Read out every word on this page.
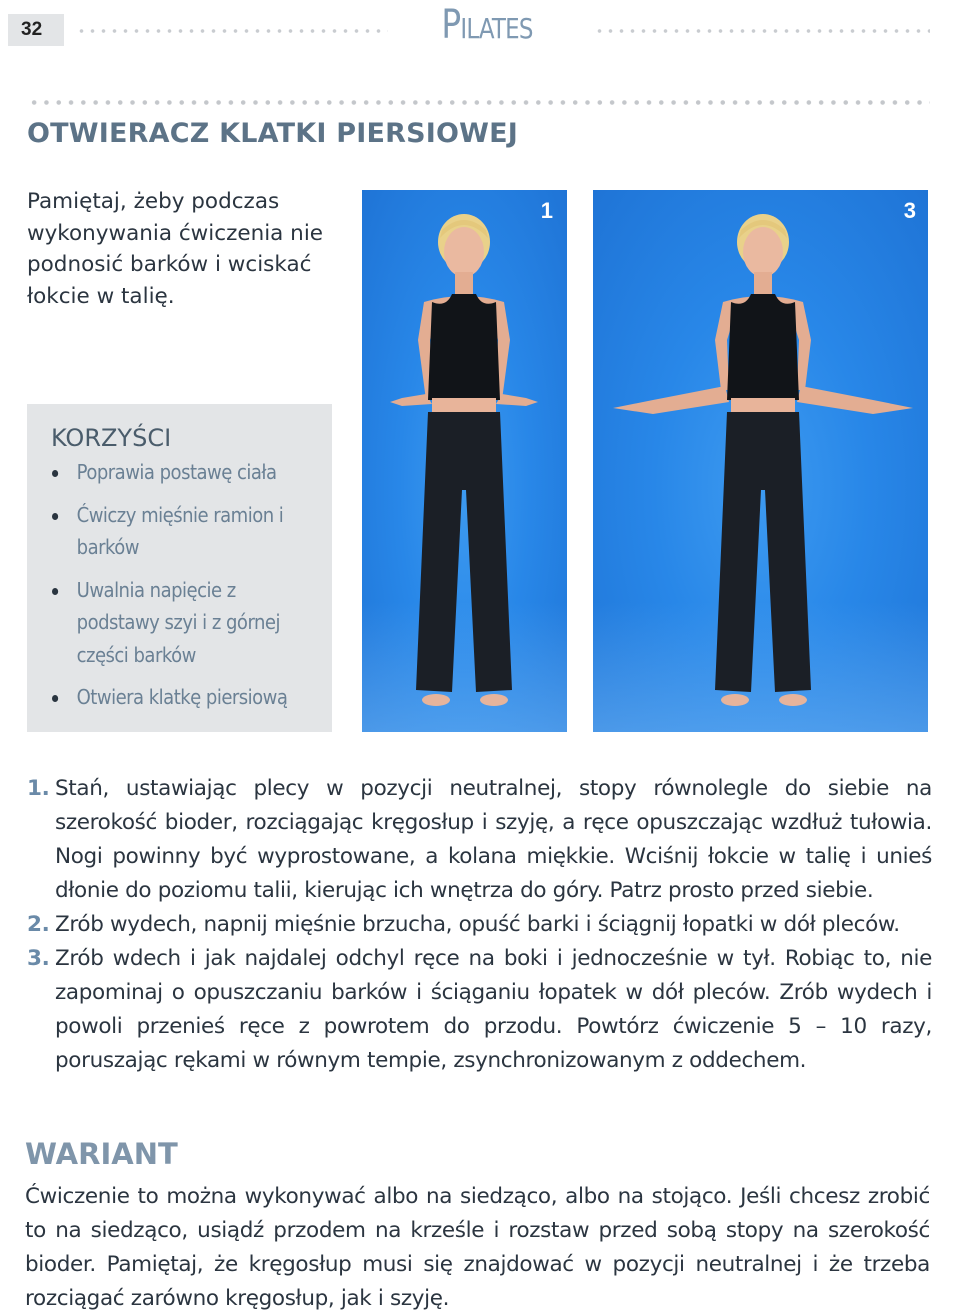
32	Pilates
OTWIERACZ KLATKI PIERSIOWEJ

Pamiętaj, żeby podczas wykonywania ćwiczenia nie podnosić barków i wciskać łokcie w talię.

KORZYŚCI
Poprawia postawę ciała
Ćwiczy mięśnie ramion i barków
Uwalnia napięcie z podstawy szyi i z górnej części barków
Otwiera klatkę piersiową
1	3

1. Stań, ustawiając plecy w pozycji neutralnej, stopy równolegle do siebie na szerokość bioder, rozciągając kręgosłup i szyję, a ręce opuszczając wzdłuż tułowia. Nogi powinny być wyprostowane, a kolana miękkie. Wciśnij łokcie w talię i unieś dłonie do poziomu talii, kierując ich wnętrza do góry. Patrz prosto przed siebie.

2. Zrób wydech, napnij mięśnie brzucha, opuść barki i ściągnij łopatki w dół pleców.

3. Zrób wdech i jak najdalej odchyl ręce na boki i jednocześnie w tył. Robiąc to, nie zapominaj o opuszczaniu barków i ściąganiu łopatek w dół pleców. Zrób wydech i powoli przenieś ręce z powrotem do przodu. Powtórz ćwiczenie 5 – 10 razy, poruszając rękami w równym tempie, zsynchronizowanym z oddechem.

WARIANT

Ćwiczenie to można wykonywać albo na siedząco, albo na stojąco. Jeśli chcesz zrobić to na siedząco, usiądź przodem na krześle i rozstaw przed sobą stopy na szerokość bioder. Pamiętaj, że kręgosłup musi się znajdować w pozycji neutralnej i że trzeba rozciągać zarówno kręgosłup, jak i szyję.
